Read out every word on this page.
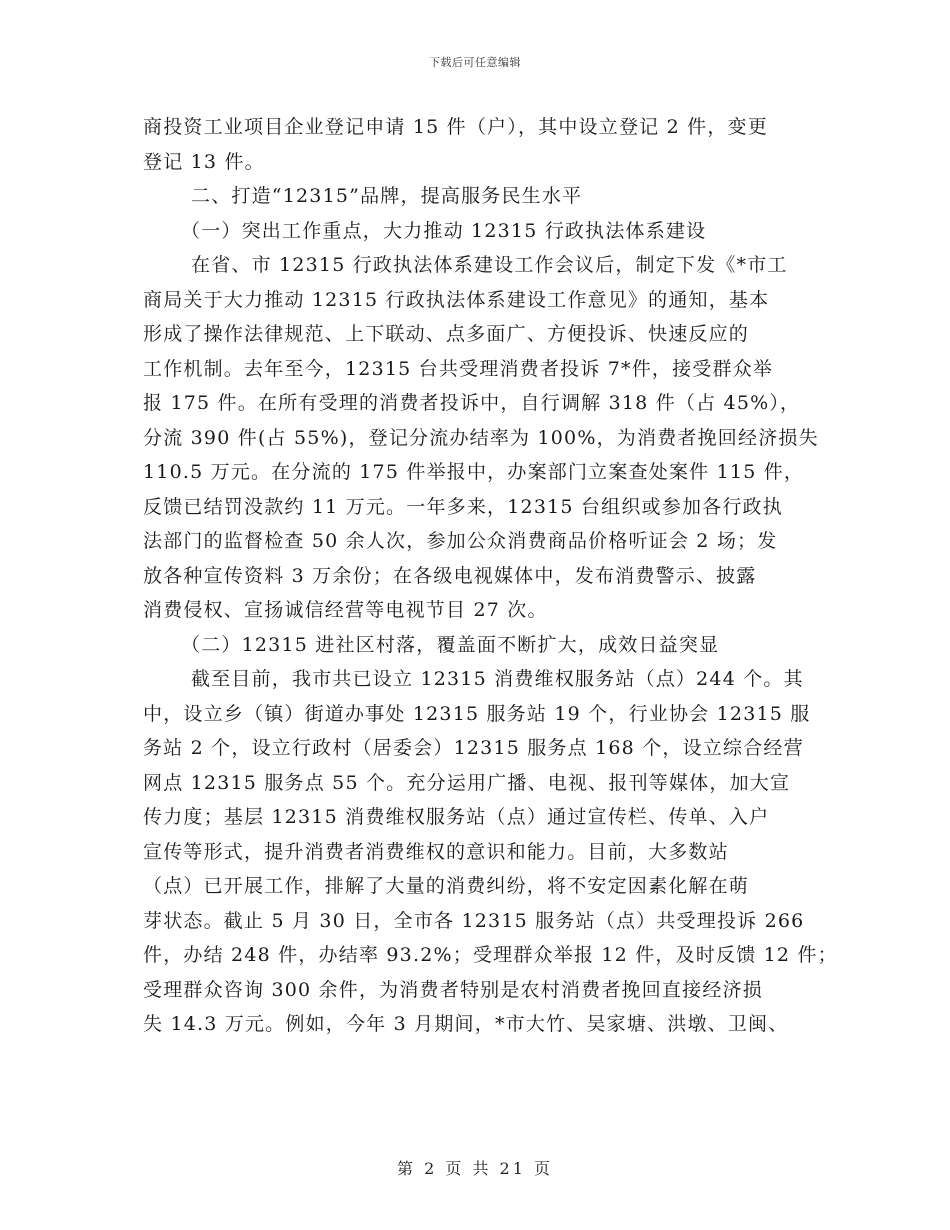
下载后可任意编辑
商投资工业项目企业登记申请 15 件（户），其中设立登记 2 件，变更
登记 13 件。
二、打造“12315”品牌，提高服务民生水平
（一）突出工作重点，大力推动 12315 行政执法体系建设
在省、市 12315 行政执法体系建设工作会议后，制定下发《*市工
商局关于大力推动 12315 行政执法体系建设工作意见》的通知，基本
形成了操作法律规范、上下联动、点多面广、方便投诉、快速反应的
工作机制。去年至今，12315 台共受理消费者投诉 7*件，接受群众举
报 175 件。在所有受理的消费者投诉中，自行调解 318 件（占 45%），
分流 390 件(占 55%)，登记分流办结率为 100%，为消费者挽回经济损失
110.5 万元。在分流的 175 件举报中，办案部门立案查处案件 115 件，
反馈已结罚没款约 11 万元。一年多来，12315 台组织或参加各行政执
法部门的监督检查 50 余人次，参加公众消费商品价格听证会 2 场；发
放各种宣传资料 3 万余份；在各级电视媒体中，发布消费警示、披露
消费侵权、宣扬诚信经营等电视节目 27 次。
（二）12315 进社区村落，覆盖面不断扩大，成效日益突显
截至目前，我市共已设立 12315 消费维权服务站（点）244 个。其
中，设立乡（镇）街道办事处 12315 服务站 19 个，行业协会 12315 服
务站 2 个，设立行政村（居委会）12315 服务点 168 个，设立综合经营
网点 12315 服务点 55 个。充分运用广播、电视、报刊等媒体，加大宣
传力度；基层 12315 消费维权服务站（点）通过宣传栏、传单、入户
宣传等形式，提升消费者消费维权的意识和能力。目前，大多数站
（点）已开展工作，排解了大量的消费纠纷，将不安定因素化解在萌
芽状态。截止 5 月 30 日，全市各 12315 服务站（点）共受理投诉 266
件，办结 248 件，办结率 93.2%；受理群众举报 12 件，及时反馈 12 件；
受理群众咨询 300 余件，为消费者特别是农村消费者挽回直接经济损
失 14.3 万元。例如，今年 3 月期间，*市大竹、吴家塘、洪墩、卫闽、
第 2 页 共 21 页
